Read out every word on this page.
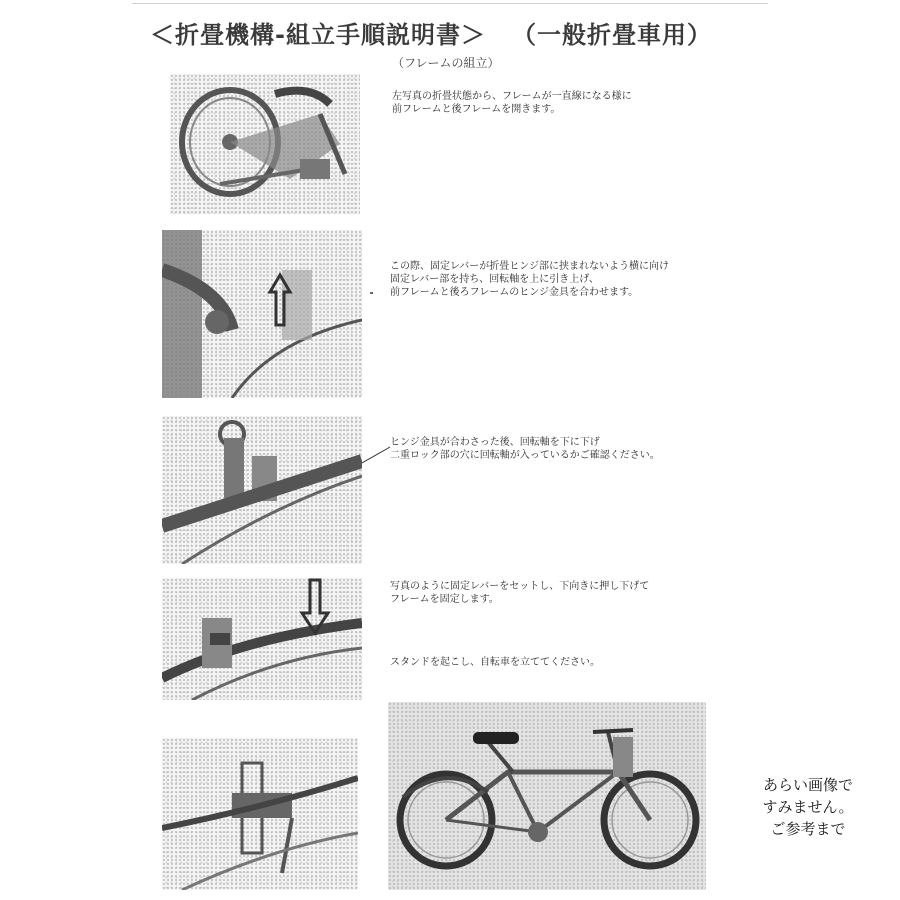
＜折畳機構-組立手順説明書＞ （一般折畳車用）
（フレームの組立）
左写真の折畳状態から、フレームが一直線になる様に
前フレームと後フレームを開きます。
この際、固定レバーが折畳ヒンジ部に挟まれないよう横に向け
固定レバー部を持ち、回転軸を上に引き上げ、
前フレームと後ろフレームのヒンジ金具を合わせます。
ヒンジ金具が合わさった後、回転軸を下に下げ
二重ロック部の穴に回転軸が入っているかご確認ください。
写真のように固定レバーをセットし、下向きに押し下げて
フレームを固定します。
スタンドを起こし、自転車を立ててください。
あらい画像で
すみません。
ご参考まで
